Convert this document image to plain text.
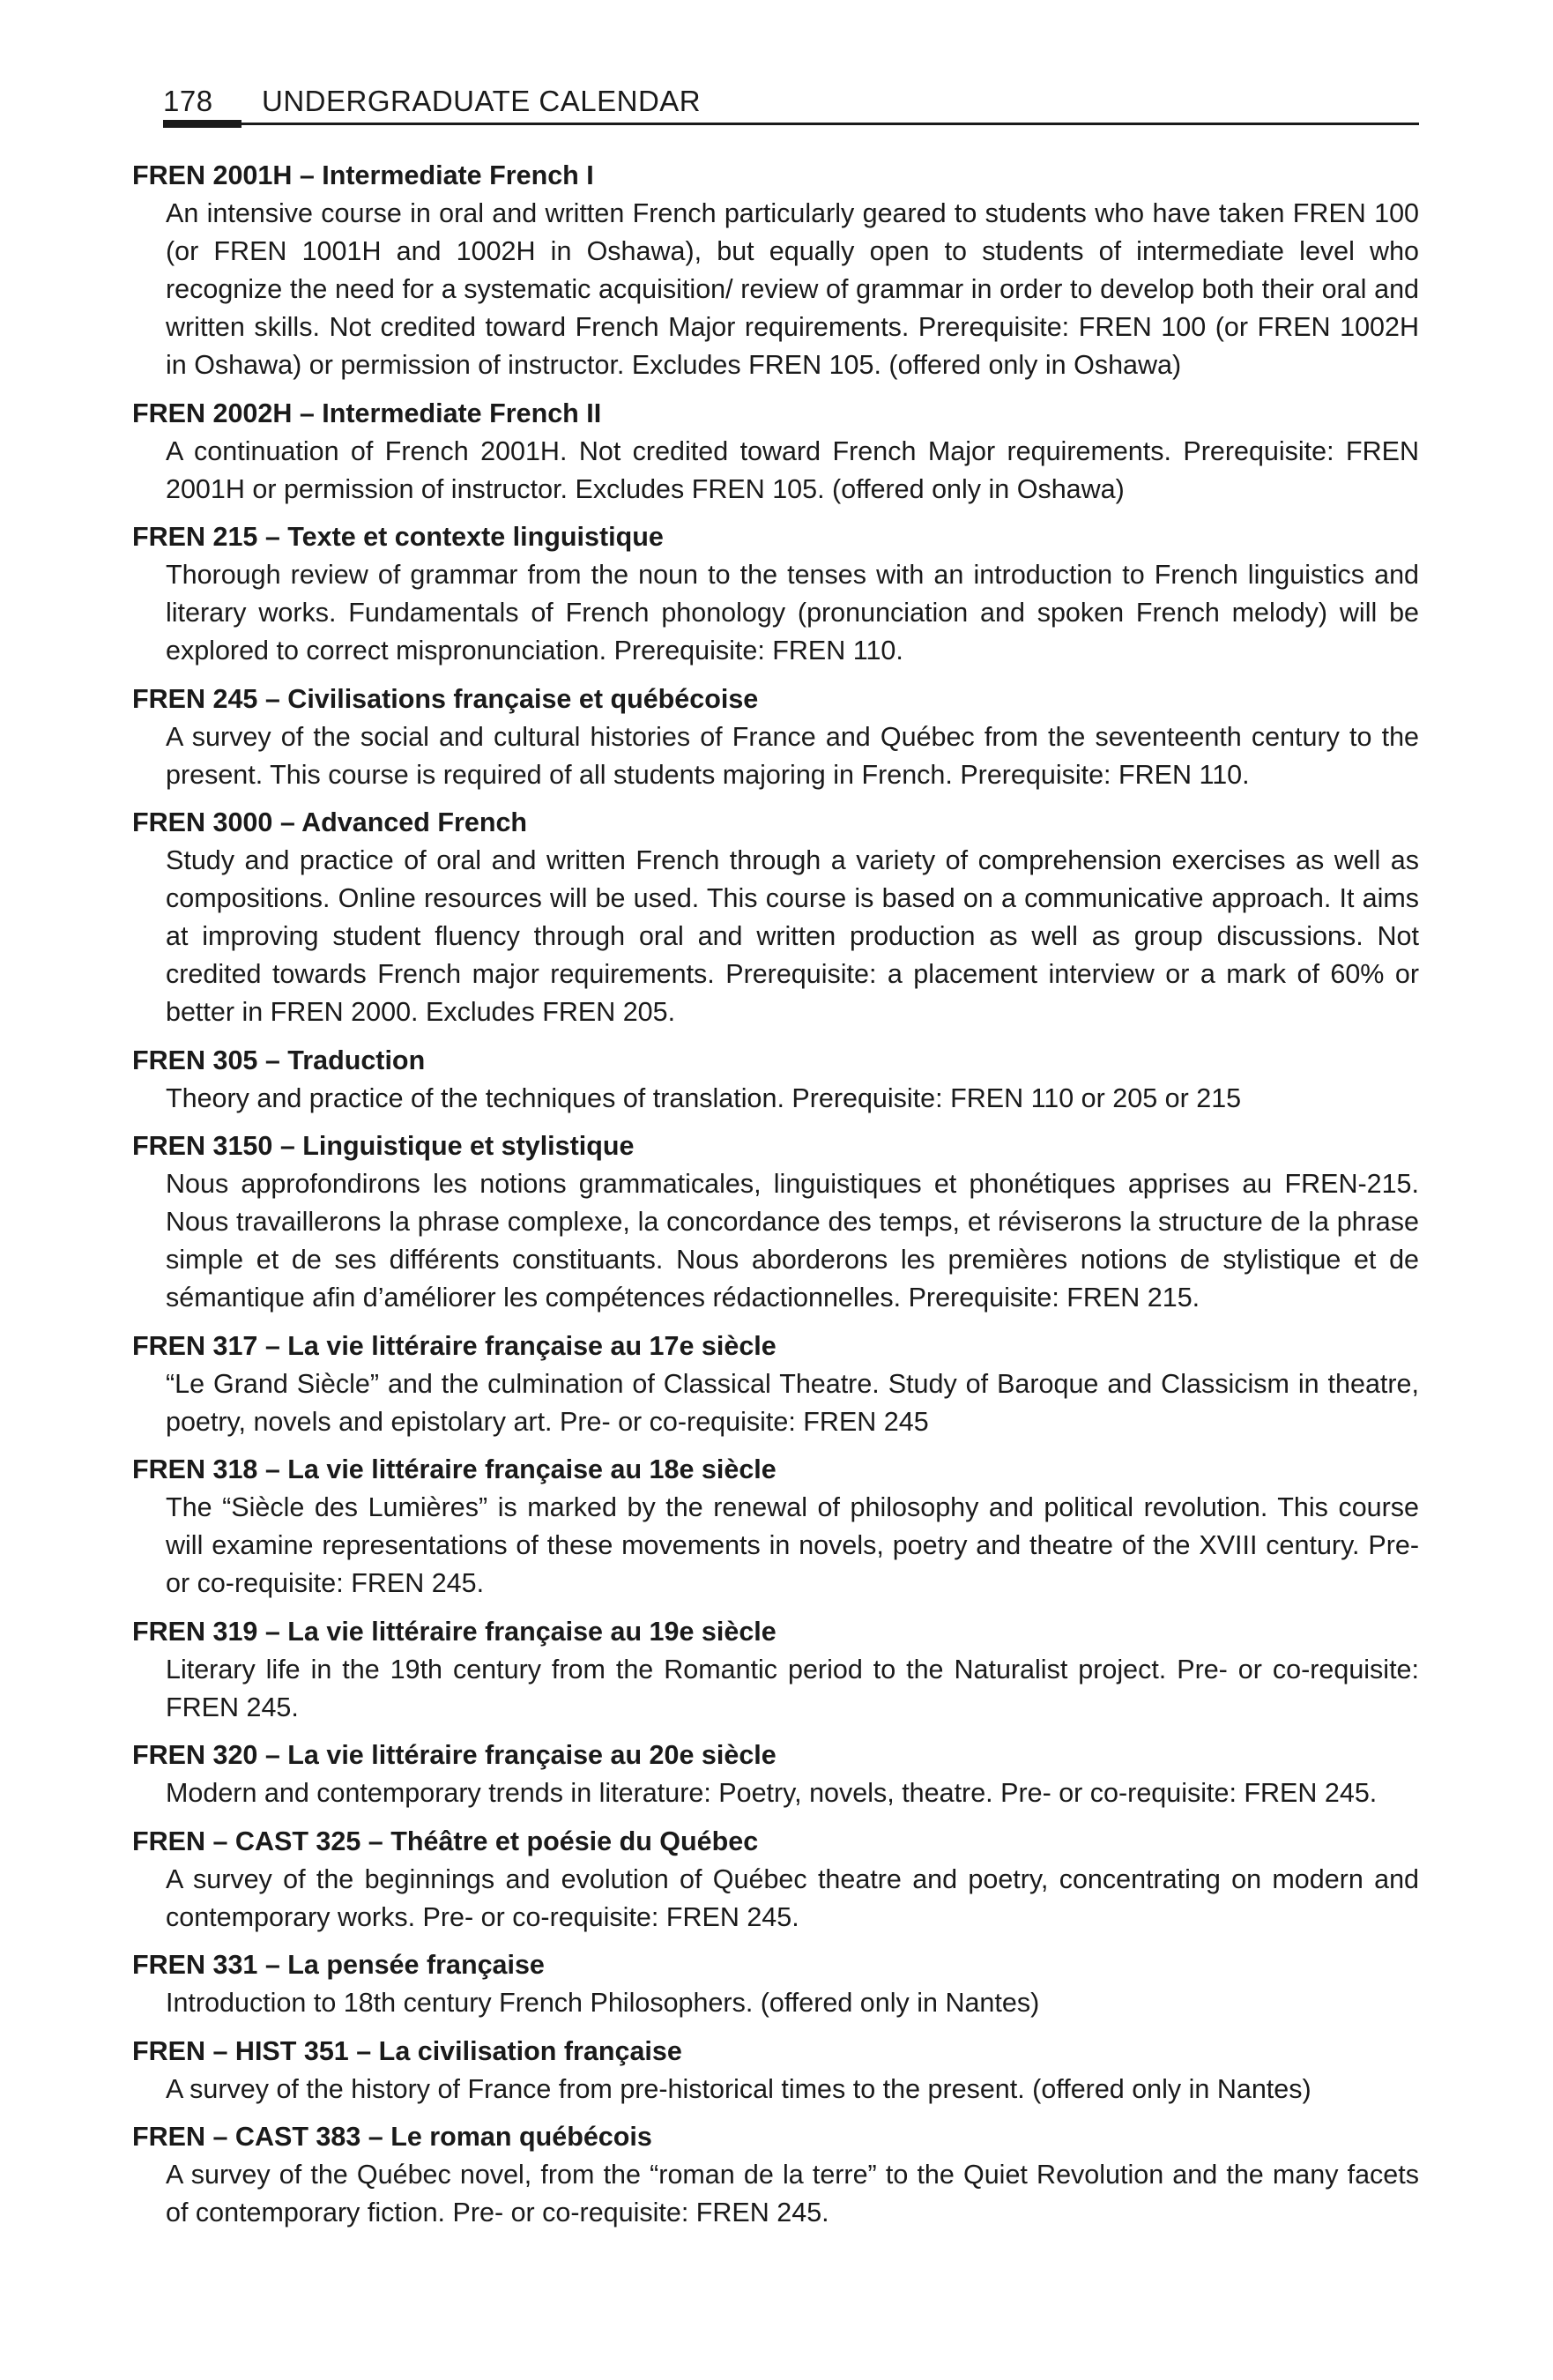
178	UNDERGRADUATE CALENDAR
FREN 2001H – Intermediate French I
An intensive course in oral and written French particularly geared to students who have taken FREN 100 (or FREN 1001H and 1002H in Oshawa), but equally open to students of intermediate level who recognize the need for a systematic acquisition/ review of grammar in order to develop both their oral and written skills. Not credited toward French Major requirements. Prerequisite: FREN 100 (or FREN 1002H in Oshawa) or permission of instructor. Excludes FREN 105. (offered only in Oshawa)
FREN 2002H – Intermediate French II
A continuation of French 2001H. Not credited toward French Major requirements. Prerequisite: FREN 2001H or permission of instructor. Excludes FREN 105. (offered only in Oshawa)
FREN 215 – Texte et contexte linguistique
Thorough review of grammar from the noun to the tenses with an introduction to French linguistics and literary works. Fundamentals of French phonology (pronunciation and spoken French melody) will be explored to correct mispronunciation. Prerequisite: FREN 110.
FREN 245 – Civilisations française et québécoise
A survey of the social and cultural histories of France and Québec from the seventeenth century to the present. This course is required of all students majoring in French. Prerequisite: FREN 110.
FREN 3000 – Advanced French
Study and practice of oral and written French through a variety of comprehension exercises as well as compositions. Online resources will be used. This course is based on a communicative approach. It aims at improving student fluency through oral and written production as well as group discussions. Not credited towards French major requirements. Prerequisite: a placement interview or a mark of 60% or better in FREN 2000. Excludes FREN 205.
FREN 305 – Traduction
Theory and practice of the techniques of translation. Prerequisite: FREN 110 or 205 or 215
FREN 3150 – Linguistique et stylistique
Nous approfondirons les notions grammaticales, linguistiques et phonétiques apprises au FREN-215. Nous travaillerons la phrase complexe, la concordance des temps, et réviserons la structure de la phrase simple et de ses différents constituants. Nous aborderons les premières notions de stylistique et de sémantique afin d’améliorer les compétences rédactionnelles. Prerequisite: FREN 215.
FREN 317 – La vie littéraire française au 17e siècle
“Le Grand Siècle” and the culmination of Classical Theatre. Study of Baroque and Classicism in theatre, poetry, novels and epistolary art. Pre- or co-requisite: FREN 245
FREN 318 – La vie littéraire française au 18e siècle
The “Siècle des Lumières” is marked by the renewal of philosophy and political revolution. This course will examine representations of these movements in novels, poetry and theatre of the XVIII century. Pre- or co-requisite: FREN 245.
FREN 319 – La vie littéraire française au 19e siècle
Literary life in the 19th century from the Romantic period to the Naturalist project. Pre- or co-requisite: FREN 245.
FREN 320 – La vie littéraire française au 20e siècle
Modern and contemporary trends in literature: Poetry, novels, theatre. Pre- or co-requisite: FREN 245.
FREN – CAST 325 – Théâtre et poésie du Québec
A survey of the beginnings and evolution of Québec theatre and poetry, concentrating on modern and contemporary works. Pre- or co-requisite: FREN 245.
FREN 331 – La pensée française
Introduction to 18th century French Philosophers. (offered only in Nantes)
FREN – HIST 351 – La civilisation française
A survey of the history of France from pre-historical times to the present. (offered only in Nantes)
FREN – CAST 383 – Le roman québécois
A survey of the Québec novel, from the “roman de la terre” to the Quiet Revolution and the many facets of contemporary fiction. Pre- or co-requisite: FREN 245.
